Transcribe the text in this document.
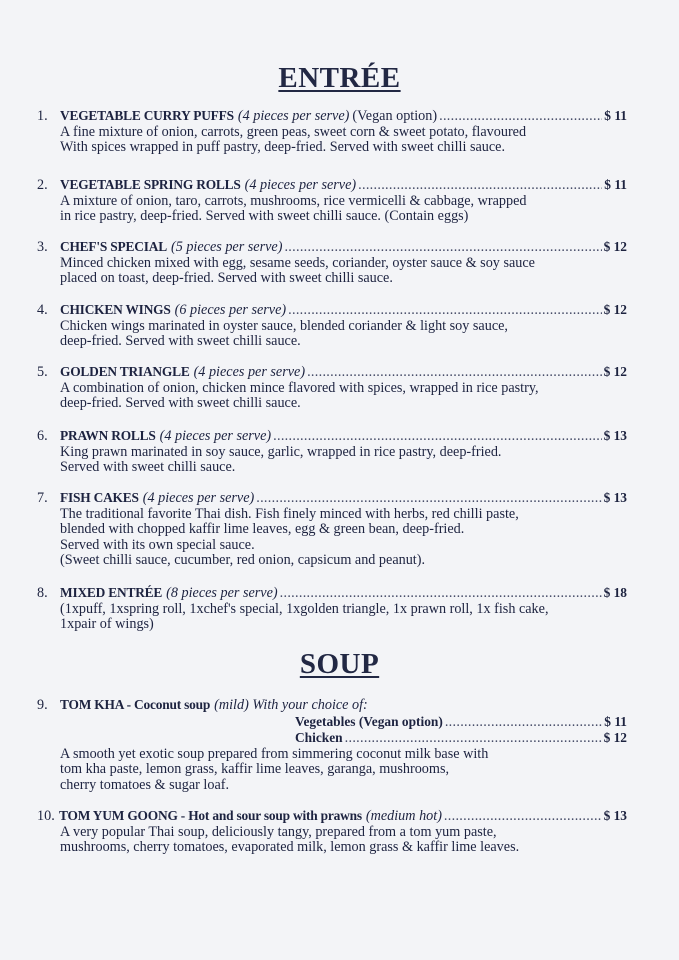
ENTRÉE
1. VEGETABLE CURRY PUFFS (4 pieces per serve) (Vegan option) .....	$ 11
A fine mixture of onion, carrots, green peas, sweet corn & sweet potato, flavoured
With spices wrapped in puff pastry, deep-fried. Served with sweet chilli sauce.
2. VEGETABLE SPRING ROLLS (4 pieces per serve) .....	$ 11
A mixture of onion, taro, carrots, mushrooms, rice vermicelli & cabbage, wrapped
in rice pastry, deep-fried. Served with sweet chilli sauce. (Contain eggs)
3. CHEF'S SPECIAL (5 pieces per serve) .....	$ 12
Minced chicken mixed with egg, sesame seeds, coriander, oyster sauce & soy sauce
placed on toast, deep-fried. Served with sweet chilli sauce.
4. CHICKEN WINGS (6 pieces per serve) .....	$ 12
Chicken wings marinated in oyster sauce, blended coriander & light soy sauce,
deep-fried. Served with sweet chilli sauce.
5. GOLDEN TRIANGLE (4 pieces per serve) .....	$ 12
A combination of onion, chicken mince flavored with spices, wrapped in rice pastry,
deep-fried. Served with sweet chilli sauce.
6. PRAWN ROLLS (4 pieces per serve) .....	$ 13
King prawn marinated in soy sauce, garlic, wrapped in rice pastry, deep-fried.
Served with sweet chilli sauce.
7. FISH CAKES (4 pieces per serve) .....	$ 13
The traditional favorite Thai dish. Fish finely minced with herbs, red chilli paste,
blended with chopped kaffir lime leaves, egg & green bean, deep-fried.
Served with its own special sauce.
(Sweet chilli sauce, cucumber, red onion, capsicum and peanut).
8. MIXED ENTRÉE (8 pieces per serve) .....	$ 18
(1xpuff, 1xspring roll, 1xchef's special, 1xgolden triangle, 1x prawn roll, 1x fish cake,
1xpair of wings)
SOUP
9. TOM KHA - Coconut soup (mild) With your choice of:
Vegetables (Vegan option) .....	$ 11
Chicken .....	$ 12
A smooth yet exotic soup prepared from simmering coconut milk base with
tom kha paste, lemon grass, kaffir lime leaves, garanga, mushrooms,
cherry tomatoes & sugar loaf.
10. TOM YUM GOONG - Hot and sour soup with prawns (medium hot) .....	$ 13
A very popular Thai soup, deliciously tangy, prepared from a tom yum paste,
mushrooms, cherry tomatoes, evaporated milk, lemon grass & kaffir lime leaves.
